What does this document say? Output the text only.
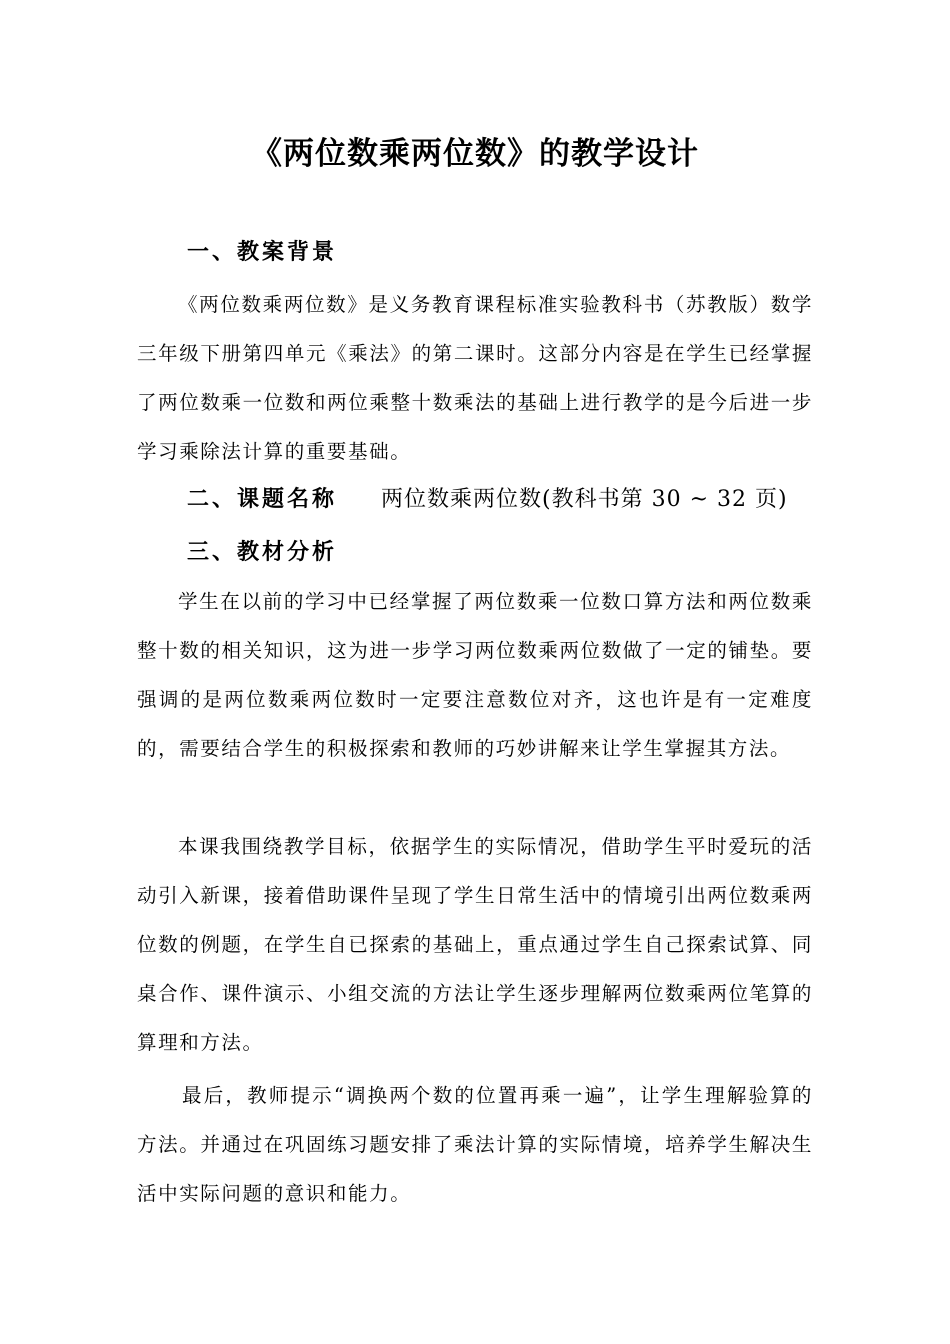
《两位数乘两位数》的教学设计
一、教案背景
《两位数乘两位数》是义务教育课程标准实验教科书（苏教版）数学三年级下册第四单元《乘法》的第二课时。这部分内容是在学生已经掌握了两位数乘一位数和两位乘整十数乘法的基础上进行教学的是今后进一步学习乘除法计算的重要基础。
二、课题名称 两位数乘两位数(教科书第 30 ~ 32 页)
三、教材分析
学生在以前的学习中已经掌握了两位数乘一位数口算方法和两位数乘整十数的相关知识，这为进一步学习两位数乘两位数做了一定的铺垫。要强调的是两位数乘两位数时一定要注意数位对齐，这也许是有一定难度的，需要结合学生的积极探索和教师的巧妙讲解来让学生掌握其方法。
本课我围绕教学目标，依据学生的实际情况，借助学生平时爱玩的活动引入新课，接着借助课件呈现了学生日常生活中的情境引出两位数乘两位数的例题，在学生自已探索的基础上，重点通过学生自己探索试算、同桌合作、课件演示、小组交流的方法让学生逐步理解两位数乘两位笔算的算理和方法。
最后，教师提示“调换两个数的位置再乘一遍”，让学生理解验算的方法。并通过在巩固练习题安排了乘法计算的实际情境，培养学生解决生活中实际问题的意识和能力。
